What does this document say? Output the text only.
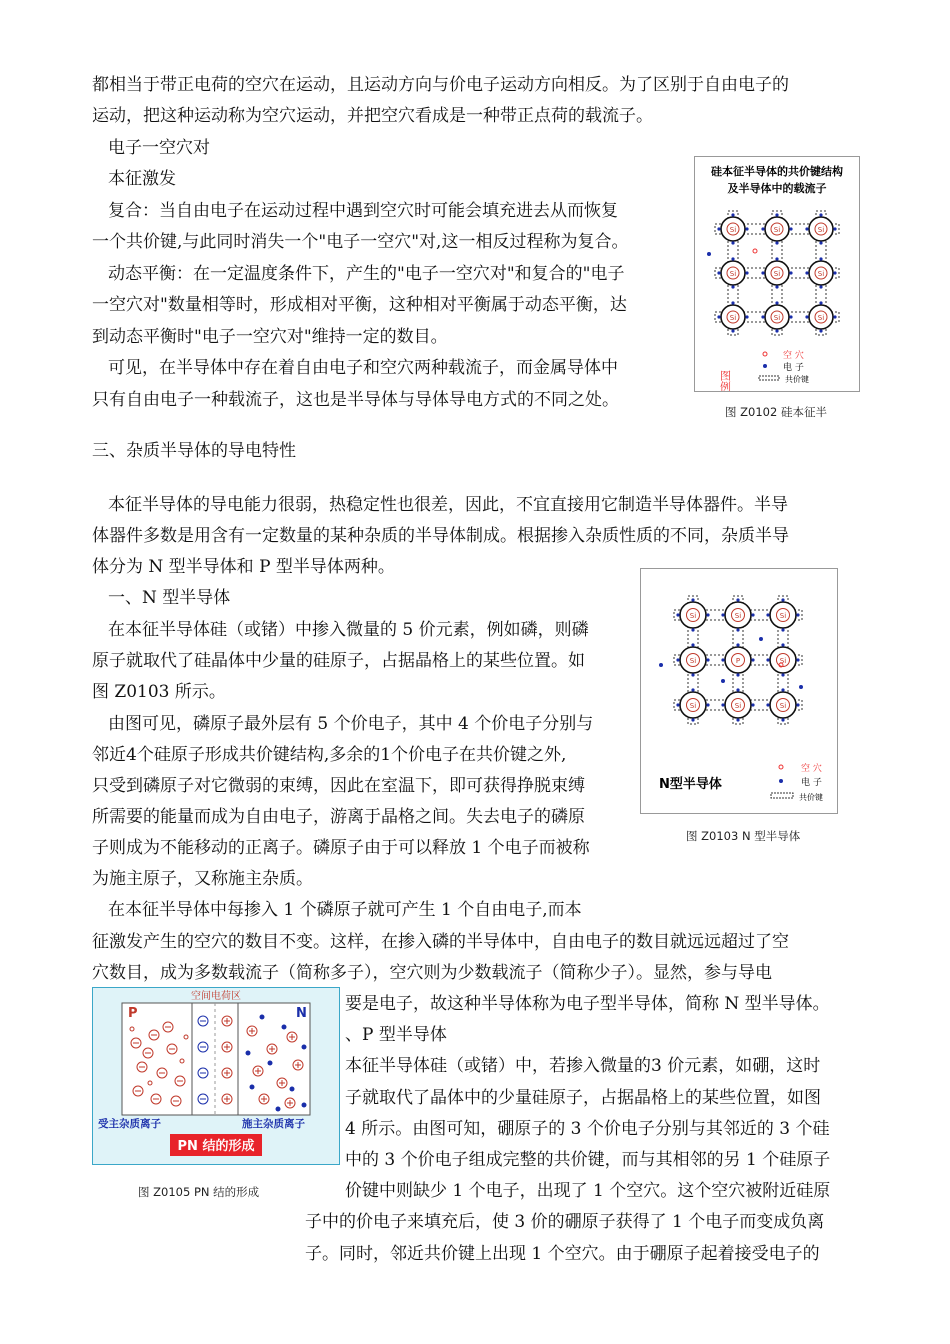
都相当于带正电荷的空穴在运动，且运动方向与价电子运动方向相反。为了区别于自由电子的
运动，把这种运动称为空穴运动，并把空穴看成是一种带正点荷的载流子。
电子一空穴对
本征激发
复合：当自由电子在运动过程中遇到空穴时可能会填充进去从而恢复
一个共价键,与此同时消失一个"电子一空穴"对,这一相反过程称为复合。
动态平衡：在一定温度条件下，产生的"电子一空穴对"和复合的"电子
一空穴对"数量相等时，形成相对平衡，这种相对平衡属于动态平衡，达
到动态平衡时"电子一空穴对"维持一定的数目。
可见，在半导体中存在着自由电子和空穴两种载流子，而金属导体中
只有自由电子一种载流子，这也是半导体与导体导电方式的不同之处。
三、杂质半导体的导电特性
本征半导体的导电能力很弱，热稳定性也很差，因此，不宜直接用它制造半导体器件。半导
体器件多数是用含有一定数量的某种杂质的半导体制成。根据掺入杂质性质的不同，杂质半导
体分为 N 型半导体和 P 型半导体两种。
一、N 型半导体
在本征半导体硅（或锗）中掺入微量的 5 价元素，例如磷，则磷
原子就取代了硅晶体中少量的硅原子，占据晶格上的某些位置。如
图 Z0103 所示。
由图可见，磷原子最外层有 5 个价电子，其中 4 个价电子分别与
邻近4个硅原子形成共价键结构,多余的1个价电子在共价键之外,
只受到磷原子对它微弱的束缚，因此在室温下，即可获得挣脱束缚
所需要的能量而成为自由电子，游离于晶格之间。失去电子的磷原
子则成为不能移动的正离子。磷原子由于可以释放 1 个电子而被称
为施主原子，又称施主杂质。
在本征半导体中每掺入 1 个磷原子就可产生 1 个自由电子,而本
征激发产生的空穴的数目不变。这样，在掺入磷的半导体中，自由电子的数目就远远超过了空
穴数目，成为多数载流子（简称多子），空穴则为少数载流子（简称少子）。显然，参与导电
要是电子，故这种半导体称为电子型半导体，简称 N 型半导体。
、P 型半导体
本征半导体硅（或锗）中，若掺入微量的3 价元素，如硼，这时
子就取代了晶体中的少量硅原子，占据晶格上的某些位置，如图
4 所示。由图可知，硼原子的 3 个价电子分别与其邻近的 3 个硅
中的 3 个价电子组成完整的共价键，而与其相邻的另 1 个硅原子
价键中则缺少 1 个电子，出现了 1 个空穴。这个空穴被附近硅原
子中的价电子来填充后，使 3 价的硼原子获得了 1 个电子而变成负离
子。同时，邻近共价键上出现 1 个空穴。由于硼原子起着接受电子的
硅本征半导体的共价键结构
及半导体中的载流子
Si	Si	Si
Si	Si	Si
Si	Si	Si
图例
空 穴
电 子
共价键
图 Z0102 硅本征半
Si	Si	Si
Si	P	Si
Si	Si	Si
N型半导体
空 穴
电 子
共价键
图 Z0103 N 型半导体
空间电荷区
P	N
受主杂质离子	施主杂质离子
PN 结的形成
图 Z0105 PN 结的形成
